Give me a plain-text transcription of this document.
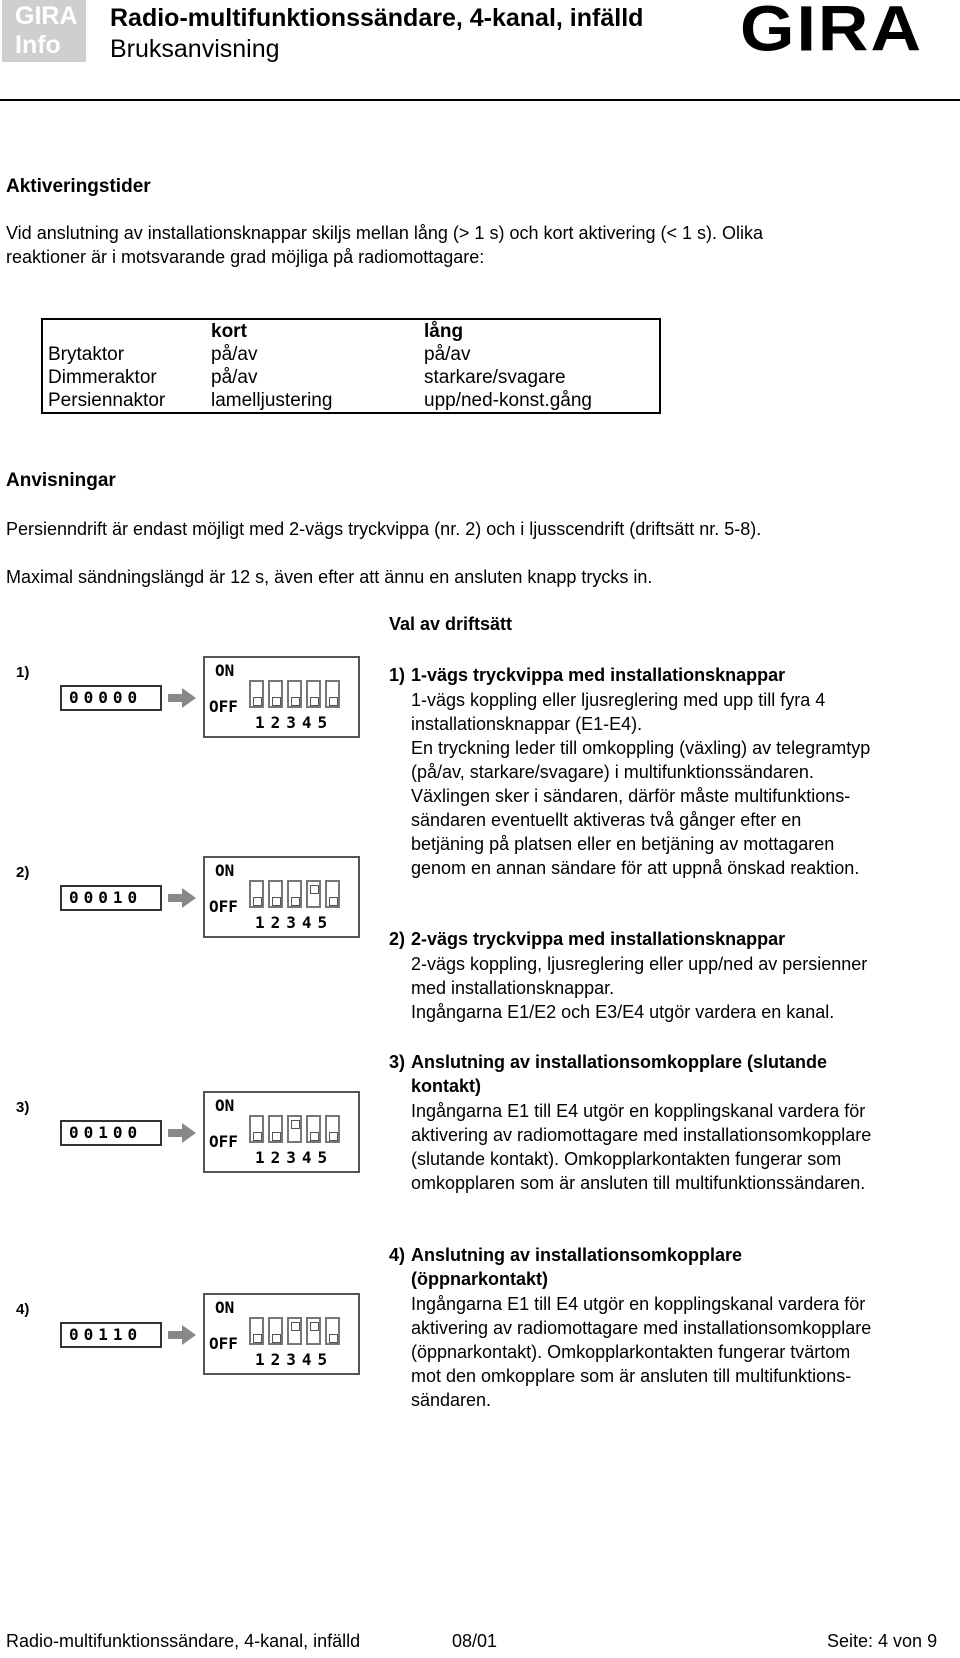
GIRA
Info
Radio-multifunktionssändare, 4-kanal, infälld
Bruksanvisning	GIRA
Aktiveringstider
Vid anslutning av installationsknappar skiljs mellan lång (> 1 s) och kort aktivering (< 1 s). Olika
reaktioner är i motsvarande grad möjliga på radiomottagare:
	kort	lång
Brytaktor	på/av	på/av
Dimmeraktor	på/av	starkare/svagare
Persiennaktor	lamelljustering	upp/ned-konst.gång
Anvisningar
Persienndrift är endast möjligt med 2-vägs tryckvippa (nr. 2) och i ljusscendrift (driftsätt nr. 5-8).
Maximal sändningslängd är 12 s, även efter att ännu en ansluten knapp trycks in.
Val av driftsätt
1)
00000
ON
OFF
12345
2)
00010
ON
OFF
12345
3)
00100
ON
OFF
12345
4)
00110
ON
OFF
12345
1) 1-vägs tryckvippa med installationsknappar
1-vägs koppling eller ljusreglering med upp till fyra 4
installationsknappar (E1-E4).
En tryckning leder till omkoppling (växling) av telegramtyp
(på/av, starkare/svagare) i multifunktionssändaren.
Växlingen sker i sändaren, därför måste multifunktions-
sändaren eventuellt aktiveras två gånger efter en
betjäning på platsen eller en betjäning av mottagaren
genom en annan sändare för att uppnå önskad reaktion.
2) 2-vägs tryckvippa med installationsknappar
2-vägs koppling, ljusreglering eller upp/ned av persienner
med installationsknappar.
Ingångarna E1/E2 och E3/E4 utgör vardera en kanal.
3) Anslutning av installationsomkopplare (slutande
kontakt)
Ingångarna E1 till E4 utgör en kopplingskanal vardera för
aktivering av radiomottagare med installationsomkopplare
(slutande kontakt). Omkopplarkontakten fungerar som
omkopplaren som är ansluten till multifunktionssändaren.
4) Anslutning av installationsomkopplare
(öppnarkontakt)
Ingångarna E1 till E4 utgör en kopplingskanal vardera för
aktivering av radiomottagare med installationsomkopplare
(öppnarkontakt). Omkopplarkontakten fungerar tvärtom
mot den omkopplare som är ansluten till multifunktions-
sändaren.
Radio-multifunktionssändare, 4-kanal, infälld	08/01	Seite: 4 von 9
